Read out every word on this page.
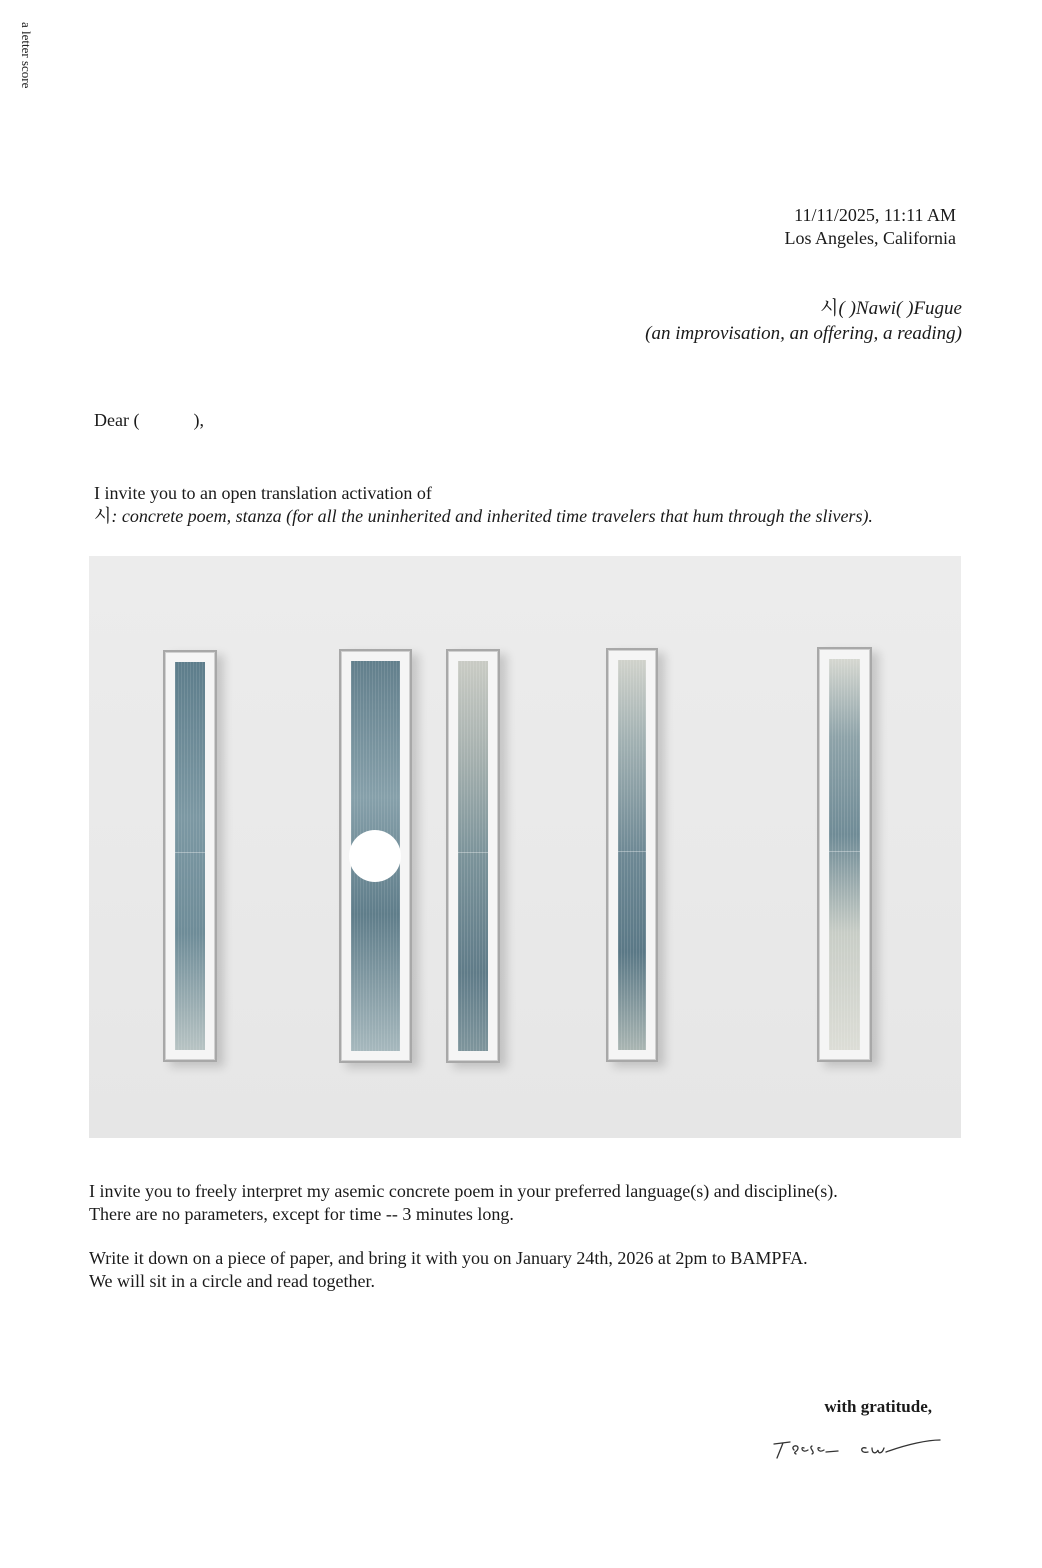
a letter score
11/11/2025, 11:11 AM
Los Angeles, California
시( )Nawi( )Fugue
(an improvisation, an offering, a reading)
Dear (            ),
I invite you to an open translation activation of
시: concrete poem, stanza (for all the uninherited and inherited time travelers that hum through the slivers).
I invite you to freely interpret my asemic concrete poem in your preferred language(s) and discipline(s).
There are no parameters, except for time -- 3 minutes long.
Write it down on a piece of paper, and bring it with you on January 24th, 2026 at 2pm to BAMPFA.
We will sit in a circle and read together.
with gratitude,
